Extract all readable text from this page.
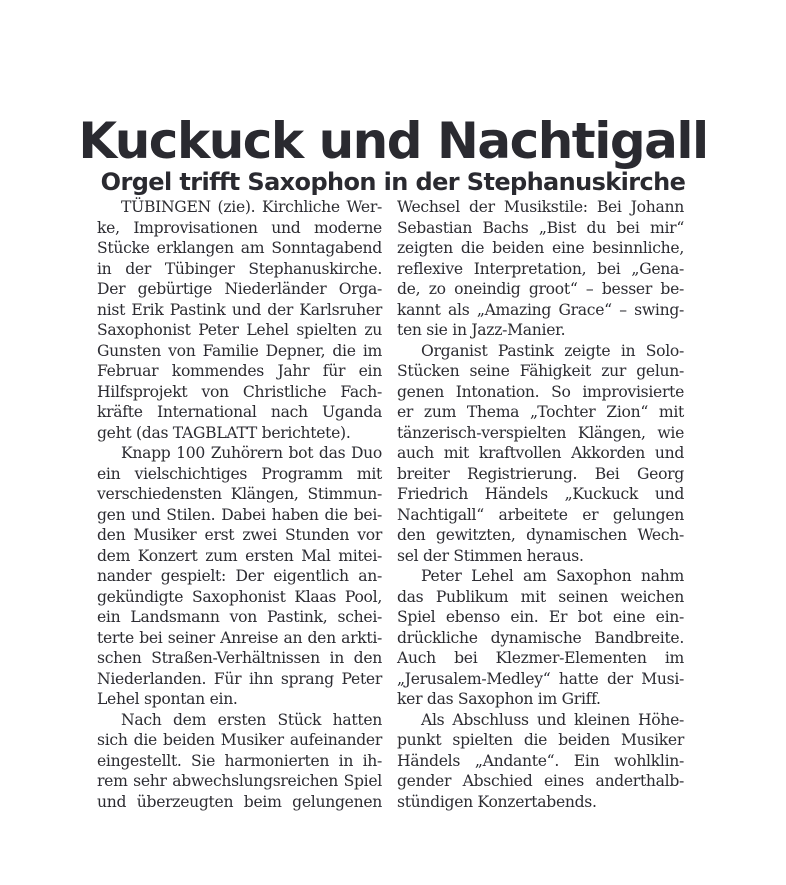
Kuckuck und Nachtigall
Orgel trifft Saxophon in der Stephanuskirche
TÜBINGEN (zie). Kirchliche Wer-
ke, Improvisationen und moderne
Stücke erklangen am Sonntagabend
in der Tübinger Stephanuskirche.
Der gebürtige Niederländer Orga-
nist Erik Pastink und der Karlsruher
Saxophonist Peter Lehel spielten zu
Gunsten von Familie Depner, die im
Februar kommendes Jahr für ein
Hilfsprojekt von Christliche Fach-
kräfte International nach Uganda
geht (das TAGBLATT berichtete).
Knapp 100 Zuhörern bot das Duo
ein vielschichtiges Programm mit
verschiedensten Klängen, Stimmun-
gen und Stilen. Dabei haben die bei-
den Musiker erst zwei Stunden vor
dem Konzert zum ersten Mal mitei-
nander gespielt: Der eigentlich an-
gekündigte Saxophonist Klaas Pool,
ein Landsmann von Pastink, schei-
terte bei seiner Anreise an den arkti-
schen Straßen-Verhältnissen in den
Niederlanden. Für ihn sprang Peter
Lehel spontan ein.
Nach dem ersten Stück hatten
sich die beiden Musiker aufeinander
eingestellt. Sie harmonierten in ih-
rem sehr abwechslungsreichen Spiel
und überzeugten beim gelungenen
Wechsel der Musikstile: Bei Johann
Sebastian Bachs „Bist du bei mir“
zeigten die beiden eine besinnliche,
reflexive Interpretation, bei „Gena-
de, zo oneindig groot“ – besser be-
kannt als „Amazing Grace“ – swing-
ten sie in Jazz-Manier.
Organist Pastink zeigte in Solo-
Stücken seine Fähigkeit zur gelun-
genen Intonation. So improvisierte
er zum Thema „Tochter Zion“ mit
tänzerisch-verspielten Klängen, wie
auch mit kraftvollen Akkorden und
breiter Registrierung. Bei Georg
Friedrich Händels „Kuckuck und
Nachtigall“ arbeitete er gelungen
den gewitzten, dynamischen Wech-
sel der Stimmen heraus.
Peter Lehel am Saxophon nahm
das Publikum mit seinen weichen
Spiel ebenso ein. Er bot eine ein-
drückliche dynamische Bandbreite.
Auch bei Klezmer-Elementen im
„Jerusalem-Medley“ hatte der Musi-
ker das Saxophon im Griff.
Als Abschluss und kleinen Höhe-
punkt spielten die beiden Musiker
Händels „Andante“. Ein wohlklin-
gender Abschied eines anderthalb-
stündigen Konzertabends.
